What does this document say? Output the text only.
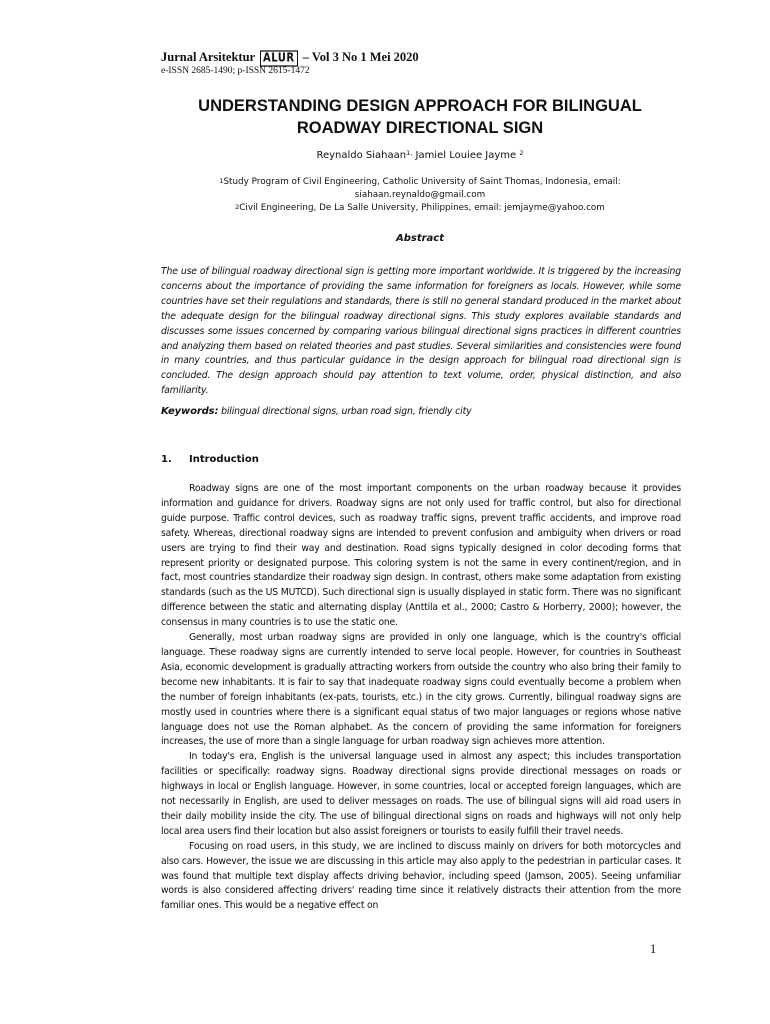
Jurnal Arsitektur ALUR – Vol 3 No 1 Mei 2020
e-ISSN 2685-1490; p-ISSN 2615-1472
UNDERSTANDING DESIGN APPROACH FOR BILINGUAL
ROADWAY DIRECTIONAL SIGN
Reynaldo Siahaan$^{1,}$ Jamiel Louiee Jayme $^2$
$^1$Study Program of Civil Engineering, Catholic University of Saint Thomas, Indonesia, email:
siahaan.reynaldo@gmail.com
$^2$Civil Engineering, De La Salle University, Philippines, email: jemjayme@yahoo.com
Abstract
The use of bilingual roadway directional sign is getting more important worldwide. It is triggered by the increasing concerns about the importance of providing the same information for foreigners as locals. However, while some countries have set their regulations and standards, there is still no general standard produced in the market about the adequate design for the bilingual roadway directional signs. This study explores available standards and discusses some issues concerned by comparing various bilingual directional signs practices in different countries and analyzing them based on related theories and past studies. Several similarities and consistencies were found in many countries, and thus particular guidance in the design approach for bilingual road directional sign is concluded. The design approach should pay attention to text volume, order, physical distinction, and also familiarity.
Keywords: bilingual directional signs, urban road sign, friendly city
1. Introduction

Roadway signs are one of the most important components on the urban roadway because it provides information and guidance for drivers. Roadway signs are not only used for traffic control, but also for directional guide purpose. Traffic control devices, such as roadway traffic signs, prevent traffic accidents, and improve road safety. Whereas, directional roadway signs are intended to prevent confusion and ambiguity when drivers or road users are trying to find their way and destination. Road signs typically designed in color decoding forms that represent priority or designated purpose. This coloring system is not the same in every continent/region, and in fact, most countries standardize their roadway sign design. In contrast, others make some adaptation from existing standards (such as the US MUTCD). Such directional sign is usually displayed in static form. There was no significant difference between the static and alternating display (Anttila et al., 2000; Castro & Horberry, 2000); however, the consensus in many countries is to use the static one.

Generally, most urban roadway signs are provided in only one language, which is the country's official language. These roadway signs are currently intended to serve local people. However, for countries in Southeast Asia, economic development is gradually attracting workers from outside the country who also bring their family to become new inhabitants. It is fair to say that inadequate roadway signs could eventually become a problem when the number of foreign inhabitants (ex-pats, tourists, etc.) in the city grows. Currently, bilingual roadway signs are mostly used in countries where there is a significant equal status of two major languages or regions whose native language does not use the Roman alphabet. As the concern of providing the same information for foreigners increases, the use of more than a single language for urban roadway sign achieves more attention.

In today's era, English is the universal language used in almost any aspect; this includes transportation facilities or specifically: roadway signs. Roadway directional signs provide directional messages on roads or highways in local or English language. However, in some countries, local or accepted foreign languages, which are not necessarily in English, are used to deliver messages on roads. The use of bilingual signs will aid road users in their daily mobility inside the city. The use of bilingual directional signs on roads and highways will not only help local area users find their location but also assist foreigners or tourists to easily fulfill their travel needs.

Focusing on road users, in this study, we are inclined to discuss mainly on drivers for both motorcycles and also cars. However, the issue we are discussing in this article may also apply to the pedestrian in particular cases. It was found that multiple text display affects driving behavior, including speed (Jamson, 2005). Seeing unfamiliar words is also considered affecting drivers' reading time since it relatively distracts their attention from the more familiar ones. This would be a negative effect on

1
